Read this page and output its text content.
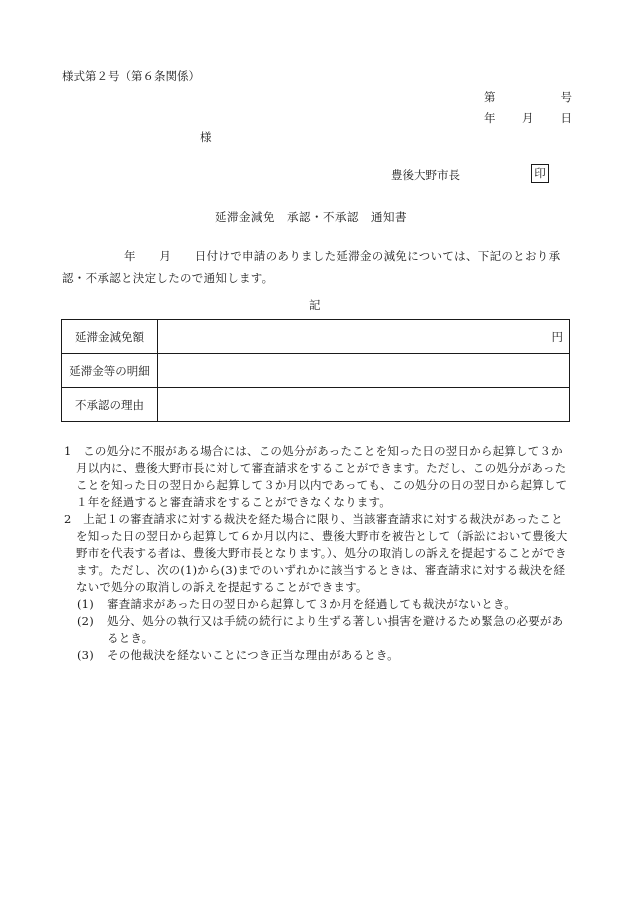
様式第２号（第６条関係）
第	号
年 月 日
様
豊後大野市長	印
延滞金減免　承認・不承認　通知書
年　　月　　日付けで申請のありました延滞金の減免については、下記のとおり承認・不承認と決定したので通知します。
記
延滞金減免額	円
延滞金等の明細	
不承認の理由	
1　この処分に不服がある場合には、この処分があったことを知った日の翌日から起算して３か月以内に、豊後大野市長に対して審査請求をすることができます。ただし、この処分があったことを知った日の翌日から起算して３か月以内であっても、この処分の日の翌日から起算して１年を経過すると審査請求をすることができなくなります。
2　上記１の審査請求に対する裁決を経た場合に限り、当該審査請求に対する裁決があったことを知った日の翌日から起算して６か月以内に、豊後大野市を被告として（訴訟において豊後大野市を代表する者は、豊後大野市長となります。）、処分の取消しの訴えを提起することができます。ただし、次の(1)から(3)までのいずれかに該当するときは、審査請求に対する裁決を経ないで処分の取消しの訴えを提起することができます。
(1) 審査請求があった日の翌日から起算して３か月を経過しても裁決がないとき。
(2) 処分、処分の執行又は手続の続行により生ずる著しい損害を避けるため緊急の必要があるとき。
(3) その他裁決を経ないことにつき正当な理由があるとき。
